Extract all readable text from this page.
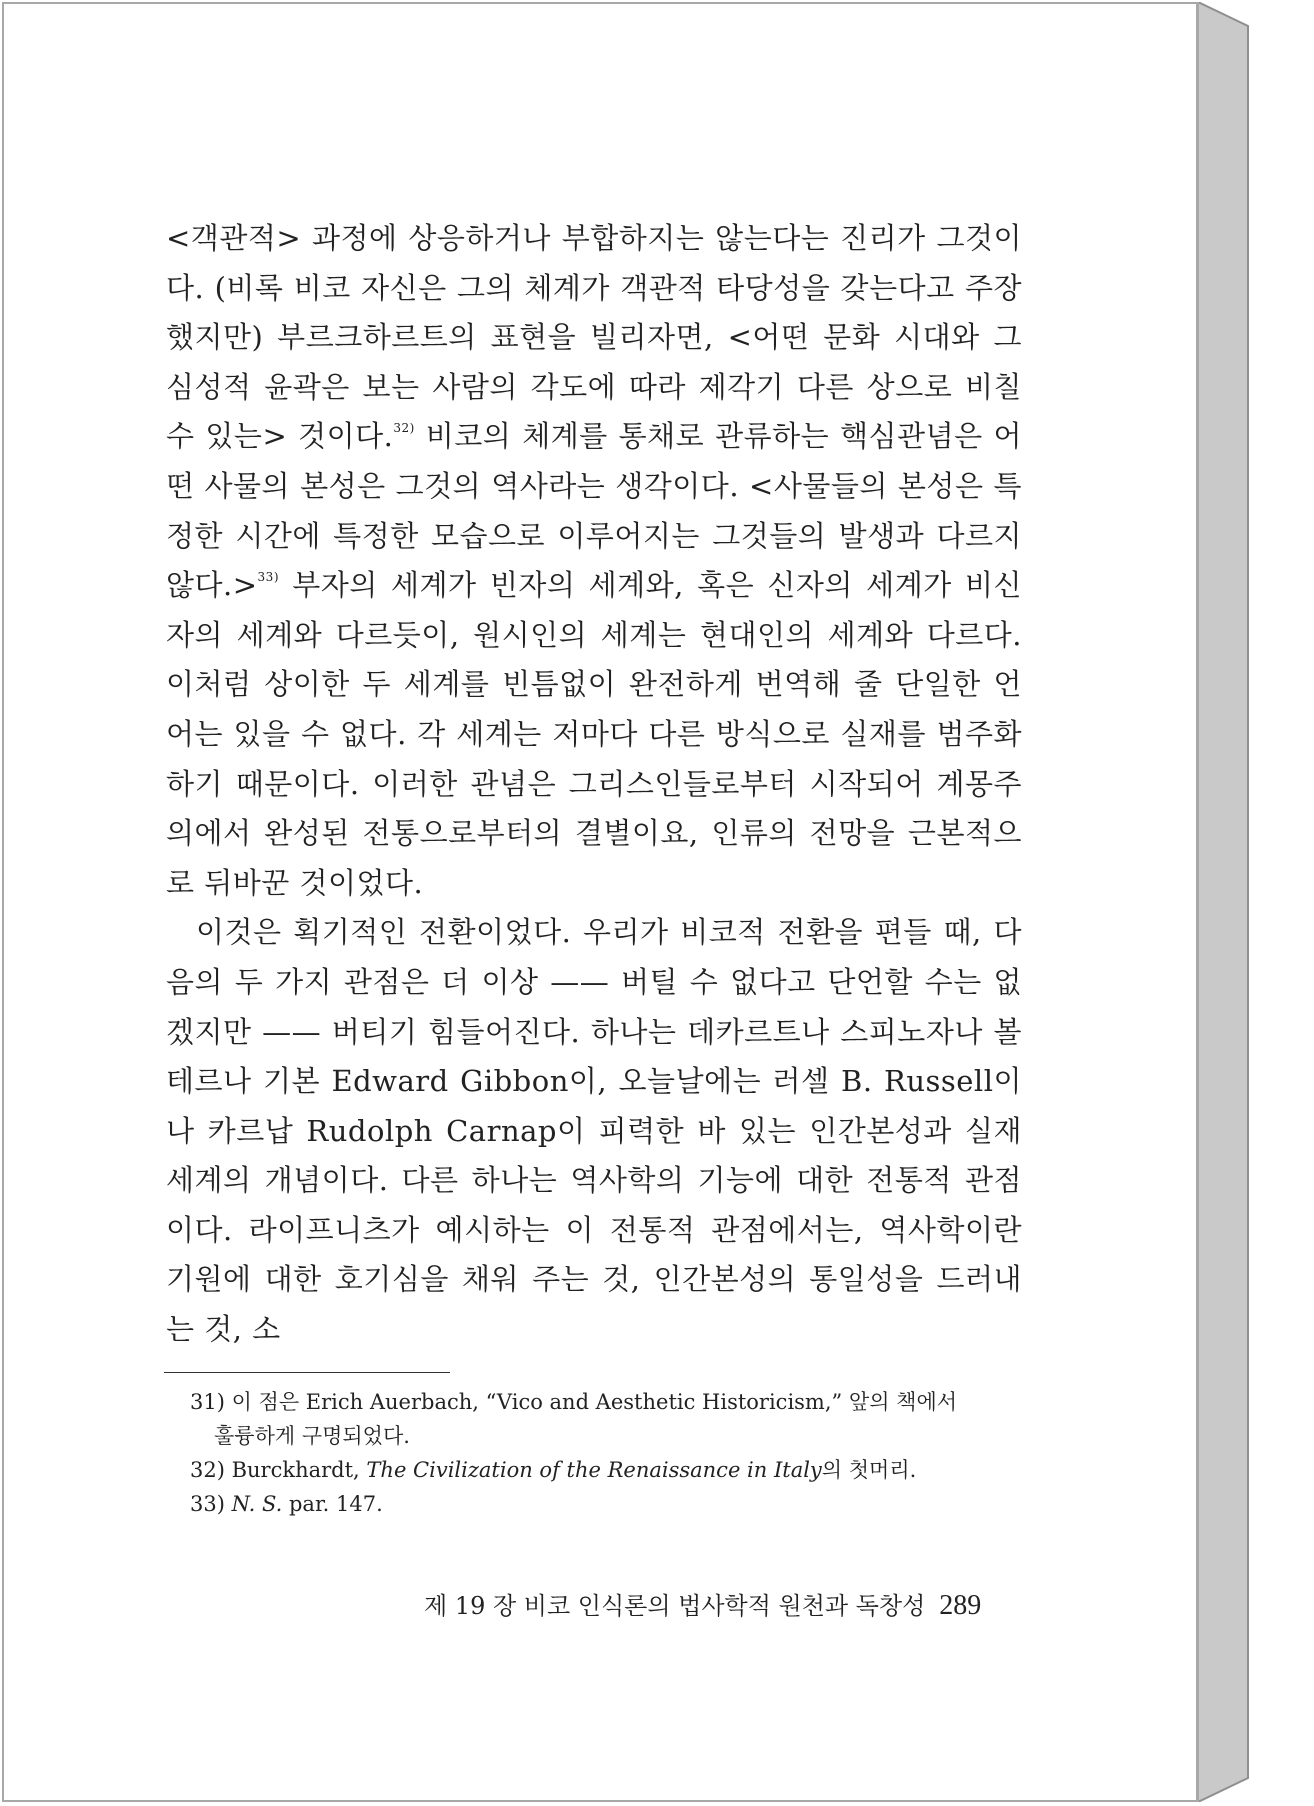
<객관적> 과정에 상응하거나 부합하지는 않는다는 진리가 그것이다. (비록 비코 자신은 그의 체계가 객관적 타당성을 갖는다고 주장했지만) 부르크하르트의 표현을 빌리자면, <어떤 문화 시대와 그 심성적 윤곽은 보는 사람의 각도에 따라 제각기 다른 상으로 비칠 수 있는> 것이다.$^{32)}$ 비코의 체계를 통채로 관류하는 핵심관념은 어떤 사물의 본성은 그것의 역사라는 생각이다. <사물들의 본성은 특정한 시간에 특정한 모습으로 이루어지는 그것들의 발생과 다르지 않다.>$^{33)}$ 부자의 세계가 빈자의 세계와, 혹은 신자의 세계가 비신자의 세계와 다르듯이, 원시인의 세계는 현대인의 세계와 다르다. 이처럼 상이한 두 세계를 빈틈없이 완전하게 번역해 줄 단일한 언어는 있을 수 없다. 각 세계는 저마다 다른 방식으로 실재를 범주화하기 때문이다. 이러한 관념은 그리스인들로부터 시작되어 계몽주의에서 완성된 전통으로부터의 결별이요, 인류의 전망을 근본적으로 뒤바꾼 것이었다.

이것은 획기적인 전환이었다. 우리가 비코적 전환을 편들 때, 다음의 두 가지 관점은 더 이상 —— 버틸 수 없다고 단언할 수는 없겠지만 —— 버티기 힘들어진다. 하나는 데카르트나 스피노자나 볼테르나 기본 Edward Gibbon이, 오늘날에는 러셀 B. Russell이나 카르납 Rudolph Carnap이 피력한 바 있는 인간본성과 실재세계의 개념이다. 다른 하나는 역사학의 기능에 대한 전통적 관점이다. 라이프니츠가 예시하는 이 전통적 관점에서는, 역사학이란 기원에 대한 호기심을 채워 주는 것, 인간본성의 통일성을 드러내는 것, 소

31) 이 점은 Erich Auerbach, “Vico and Aesthetic Historicism,” 앞의 책에서
훌륭하게 구명되었다.

32) Burckhardt, The Civilization of the Renaissance in Italy의 첫머리.

33) N. S. par. 147.

제 19 장 비코 인식론의 법사학적 원천과 독창성 289
